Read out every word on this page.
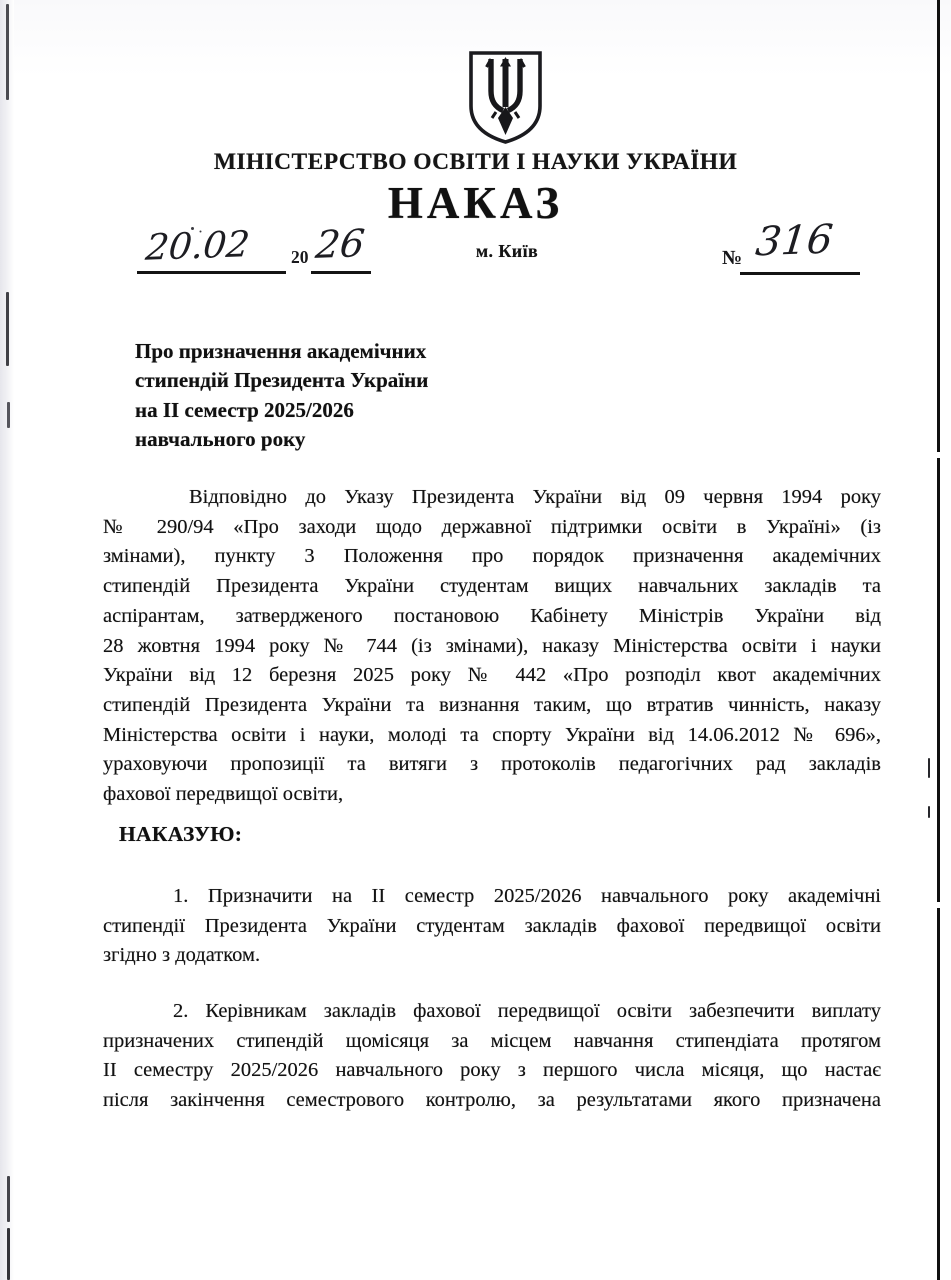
МІНІСТЕРСТВО ОСВІТИ І НАУКИ УКРАЇНИ
НАКАЗ
20.02 20 26	м. Київ	№ 316
Про призначення академічних
стипендій Президента України
на ІІ семестр 2025/2026
навчального року
Відповідно до Указу Президента України від 09 червня 1994 року
№ 290/94 «Про заходи щодо державної підтримки освіти в Україні» (із
змінами), пункту 3 Положення про порядок призначення академічних
стипендій Президента України студентам вищих навчальних закладів та
аспірантам, затвердженого постановою Кабінету Міністрів України від
28 жовтня 1994 року № 744 (із змінами), наказу Міністерства освіти і науки
України від 12 березня 2025 року № 442 «Про розподіл квот академічних
стипендій Президента України та визнання таким, що втратив чинність, наказу
Міністерства освіти і науки, молоді та спорту України від 14.06.2012 № 696»,
ураховуючи пропозиції та витяги з протоколів педагогічних рад закладів
фахової передвищої освіти,
НАКАЗУЮ:
1. Призначити на ІІ семестр 2025/2026 навчального року академічні
стипендії Президента України студентам закладів фахової передвищої освіти
згідно з додатком.
2. Керівникам закладів фахової передвищої освіти забезпечити виплату
призначених стипендій щомісяця за місцем навчання стипендіата протягом
ІІ семестру 2025/2026 навчального року з першого числа місяця, що настає
після закінчення семестрового контролю, за результатами якого призначена
